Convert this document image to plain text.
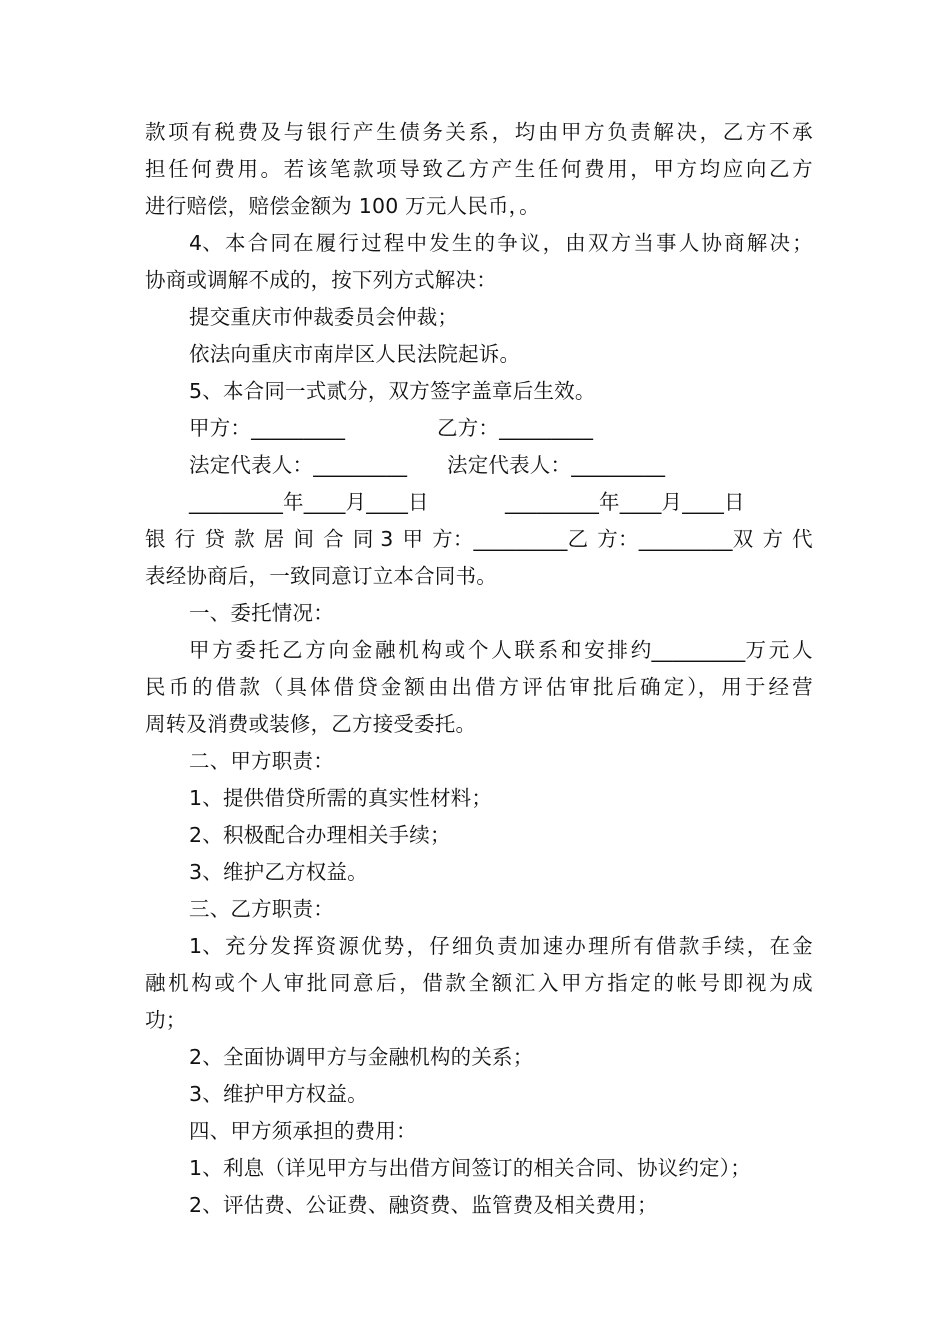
款 项 有 税 费 及 与 银 行 产 生 债 务 关 系 ， 均 由 甲 方 负 责 解 决 ， 乙 方 不 承
担 任 何 费 用 。 若 该 笔 款 项 导 致 乙 方 产 生 任 何 费 用 ， 甲 方 均 应 向 乙 方
进行赔偿，赔偿金额为 100 万元人民币，。
4、 本 合 同 在 履 行 过 程 中 发 生 的 争 议 ， 由 双 方 当 事 人 协 商 解 决 ；
协商或调解不成的，按下列方式解决：
提交重庆市仲裁委员会仲裁；
依法向重庆市南岸区人民法院起诉。
5、本合同一式贰分，双方签字盖章后生效。
甲方：_________	乙方：_________
法定代表人：_________	法定代表人：_________
_________年____月____日	_________年____月____日
银 行 贷 款 居 间 合 同 3 甲 方：_________乙 方：_________双 方 代
表经协商后，一致同意订立本合同书。
一、委托情况：
甲 方 委 托 乙 方 向 金 融 机 构 或 个 人 联 系 和 安 排 约_________万 元 人
民 币 的 借 款 （ 具 体 借 贷 金 额 由 出 借 方 评 估 审 批 后 确 定 ）， 用 于 经 营
周转及消费或装修，乙方接受委托。
二、甲方职责：
1、提供借贷所需的真实性材料；
2、积极配合办理相关手续；
3、维护乙方权益。
三、乙方职责：
1、 充 分 发 挥 资 源 优 势 ， 仔 细 负 责 加 速 办 理 所 有 借 款 手 续 ， 在 金
融 机 构 或 个 人 审 批 同 意 后 ， 借 款 全 额 汇 入 甲 方 指 定 的 帐 号 即 视 为 成
功；
2、全面协调甲方与金融机构的关系；
3、维护甲方权益。
四、甲方须承担的费用：
1、利息（详见甲方与出借方间签订的相关合同、协议约定）；
2、评估费、公证费、融资费、监管费及相关费用；
